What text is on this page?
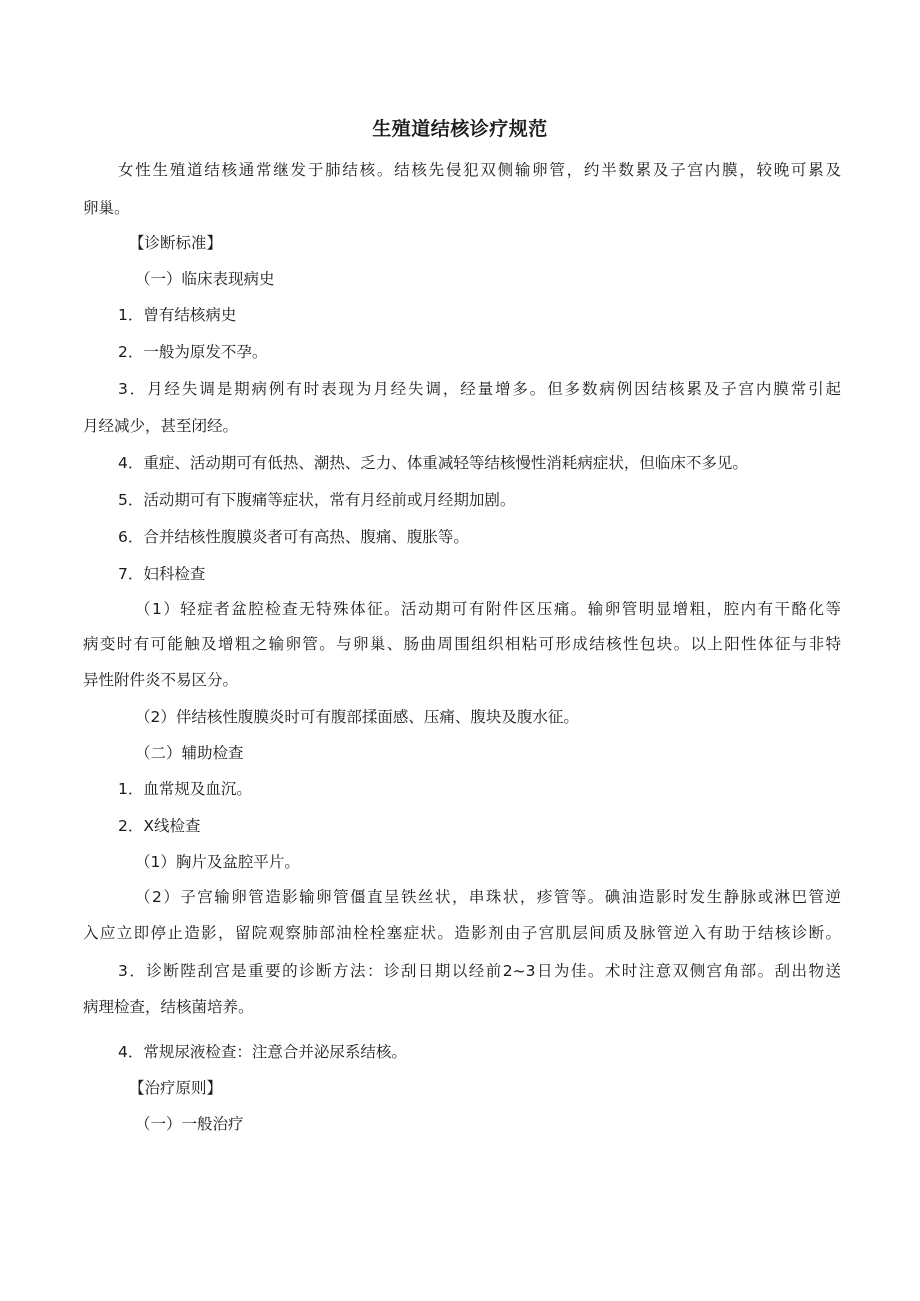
生殖道结核诊疗规范
女性生殖道结核通常继发于肺结核。结核先侵犯双侧输卵管，约半数累及子宫内膜，较晚可累及
卵巢。
【诊断标准】
（一）临床表现病史
1．曾有结核病史
2．一般为原发不孕。
3．月经失调是期病例有时表现为月经失调，经量增多。但多数病例因结核累及子宫内膜常引起
月经减少，甚至闭经。
4．重症、活动期可有低热、潮热、乏力、体重减轻等结核慢性消耗病症状，但临床不多见。
5．活动期可有下腹痛等症状，常有月经前或月经期加剧。
6．合并结核性腹膜炎者可有高热、腹痛、腹胀等。
7．妇科检查
（1）轻症者盆腔检查无特殊体征。活动期可有附件区压痛。输卵管明显增粗，腔内有干酪化等
病变时有可能触及增粗之输卵管。与卵巢、肠曲周围组织相粘可形成结核性包块。以上阳性体征与非特
异性附件炎不易区分。
（2）伴结核性腹膜炎时可有腹部揉面感、压痛、腹块及腹水征。
（二）辅助检查
1．血常规及血沉。
2．X线检查
（1）胸片及盆腔平片。
（2）子宫输卵管造影输卵管僵直呈铁丝状，串珠状，疹管等。碘油造影时发生静脉或淋巴管逆
入应立即停止造影，留院观察肺部油栓栓塞症状。造影剂由子宫肌层间质及脉管逆入有助于结核诊断。
3．诊断陛刮宫是重要的诊断方法：诊刮日期以经前2~3日为佳。术时注意双侧宫角部。刮出物送
病理检查，结核菌培养。
4．常规尿液检查：注意合并泌尿系结核。
【治疗原则】
（一）一般治疗
